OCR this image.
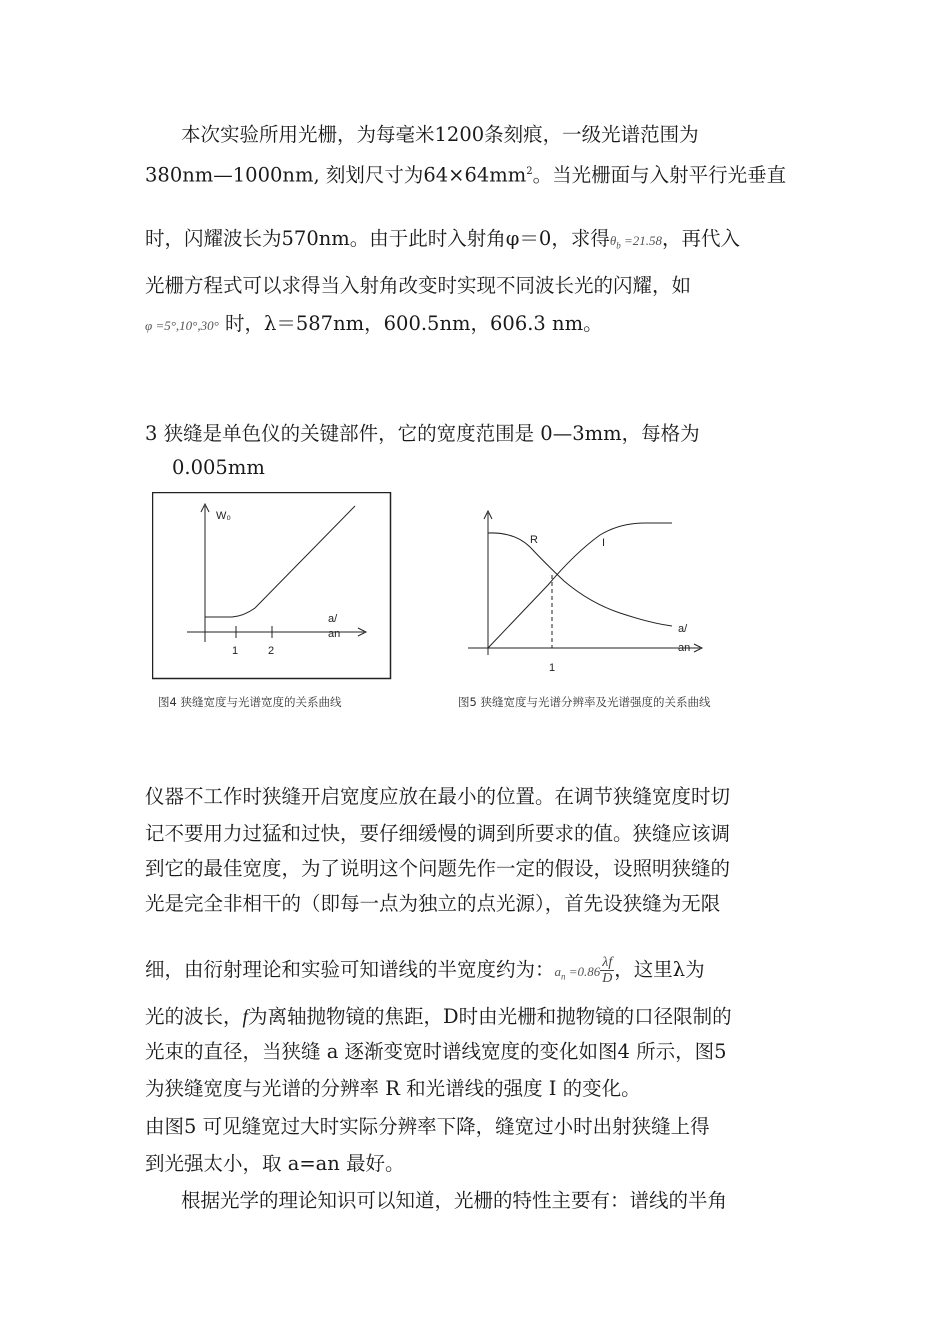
本次实验所用光栅，为每毫米1200条刻痕，一级光谱范围为
380nm—1000nm, 刻划尺寸为$64\times 64mm^2$。当光栅面与入射平行光垂直
时，闪耀波长为570nm。由于此时入射角φ＝0，求得$\theta_b =21.58$，再代入
光栅方程式可以求得当入射角改变时实现不同波长光的闪耀，如
φ =5°,10°,30° 时，λ＝587nm，600.5nm，606.3 nm。
3 狭缝是单色仪的关键部件，它的宽度范围是 0—3mm，每格为
0.005mm
W₀
a/
an
1	2
图4 狭缝宽度与光谱宽度的关系曲线
R	I
a/
an
1
图5 狭缝宽度与光谱分辨率及光谱强度的关系曲线
仪器不工作时狭缝开启宽度应放在最小的位置。在调节狭缝宽度时切
记不要用力过猛和过快，要仔细缓慢的调到所要求的值。狭缝应该调
到它的最佳宽度，为了说明这个问题先作一定的假设，设照明狭缝的
光是完全非相干的（即每一点为独立的点光源），首先设狭缝为无限
细，由衍射理论和实验可知谱线的半宽度约为：$a_n =0.86 \frac{\lambda f}{D}$ ，这里λ为
光的波长，f为离轴抛物镜的焦距，D时由光栅和抛物镜的口径限制的
光束的直径，当狭缝 a 逐渐变宽时谱线宽度的变化如图4 所示，图5
为狭缝宽度与光谱的分辨率 R 和光谱线的强度 I 的变化。
由图5 可见缝宽过大时实际分辨率下降，缝宽过小时出射狭缝上得
到光强太小，取 a=an 最好。
根据光学的理论知识可以知道，光栅的特性主要有：谱线的半角
